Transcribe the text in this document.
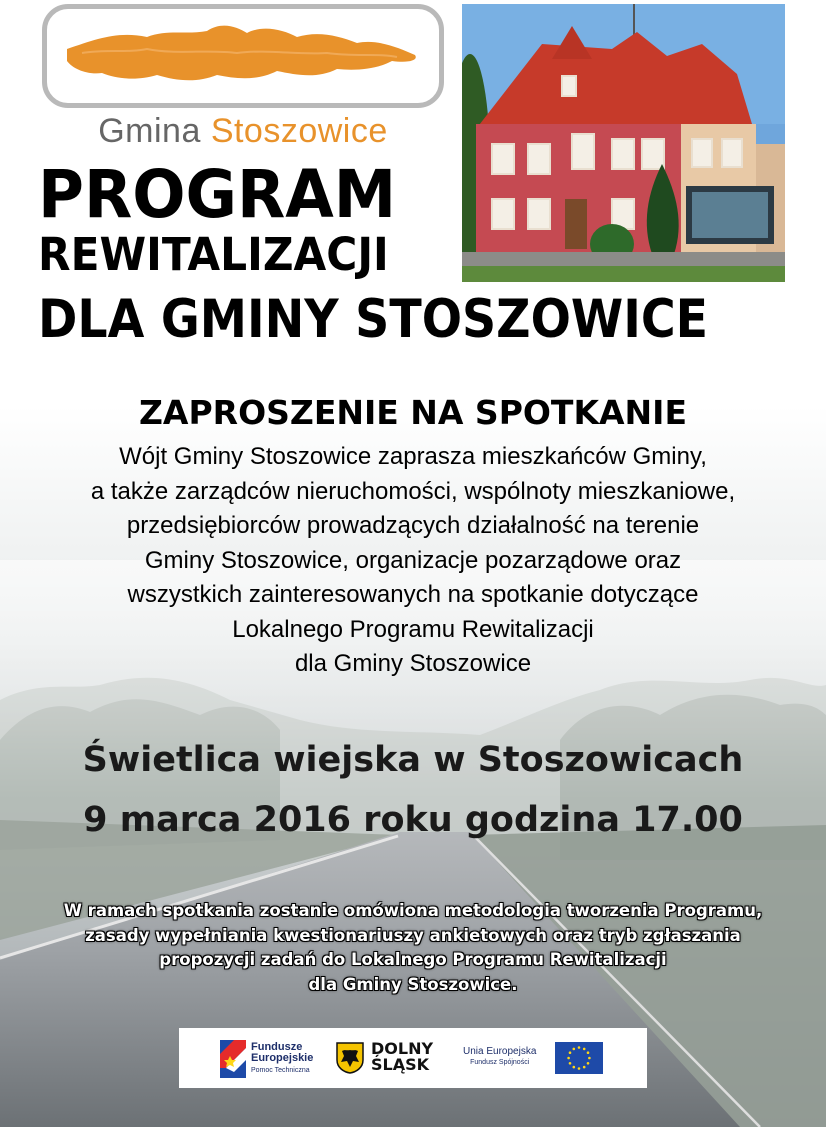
Gmina Stoszowice
PROGRAM
REWITALIZACJI
DLA GMINY STOSZOWICE
ZAPROSZENIE NA SPOTKANIE
Wójt Gminy Stoszowice zaprasza mieszkańców Gminy,
a także zarządców nieruchomości, wspólnoty mieszkaniowe,
przedsiębiorców prowadzących działalność na terenie
Gminy Stoszowice, organizacje pozarządowe oraz
wszystkich zainteresowanych na spotkanie dotyczące
Lokalnego Programu Rewitalizacji
dla Gminy Stoszowice
Świetlica wiejska w Stoszowicach
9 marca 2016 roku godzina 17.00
W ramach spotkania zostanie omówiona metodologia tworzenia Programu,
zasady wypełniania kwestionariuszy ankietowych oraz tryb zgłaszania
propozycji zadań do Lokalnego Programu Rewitalizacji
dla Gminy Stoszowice.
Fundusze
Europejskie
Pomoc Techniczna
DOLNY
ŚLĄSK
Unia Europejska
Fundusz Spójności
